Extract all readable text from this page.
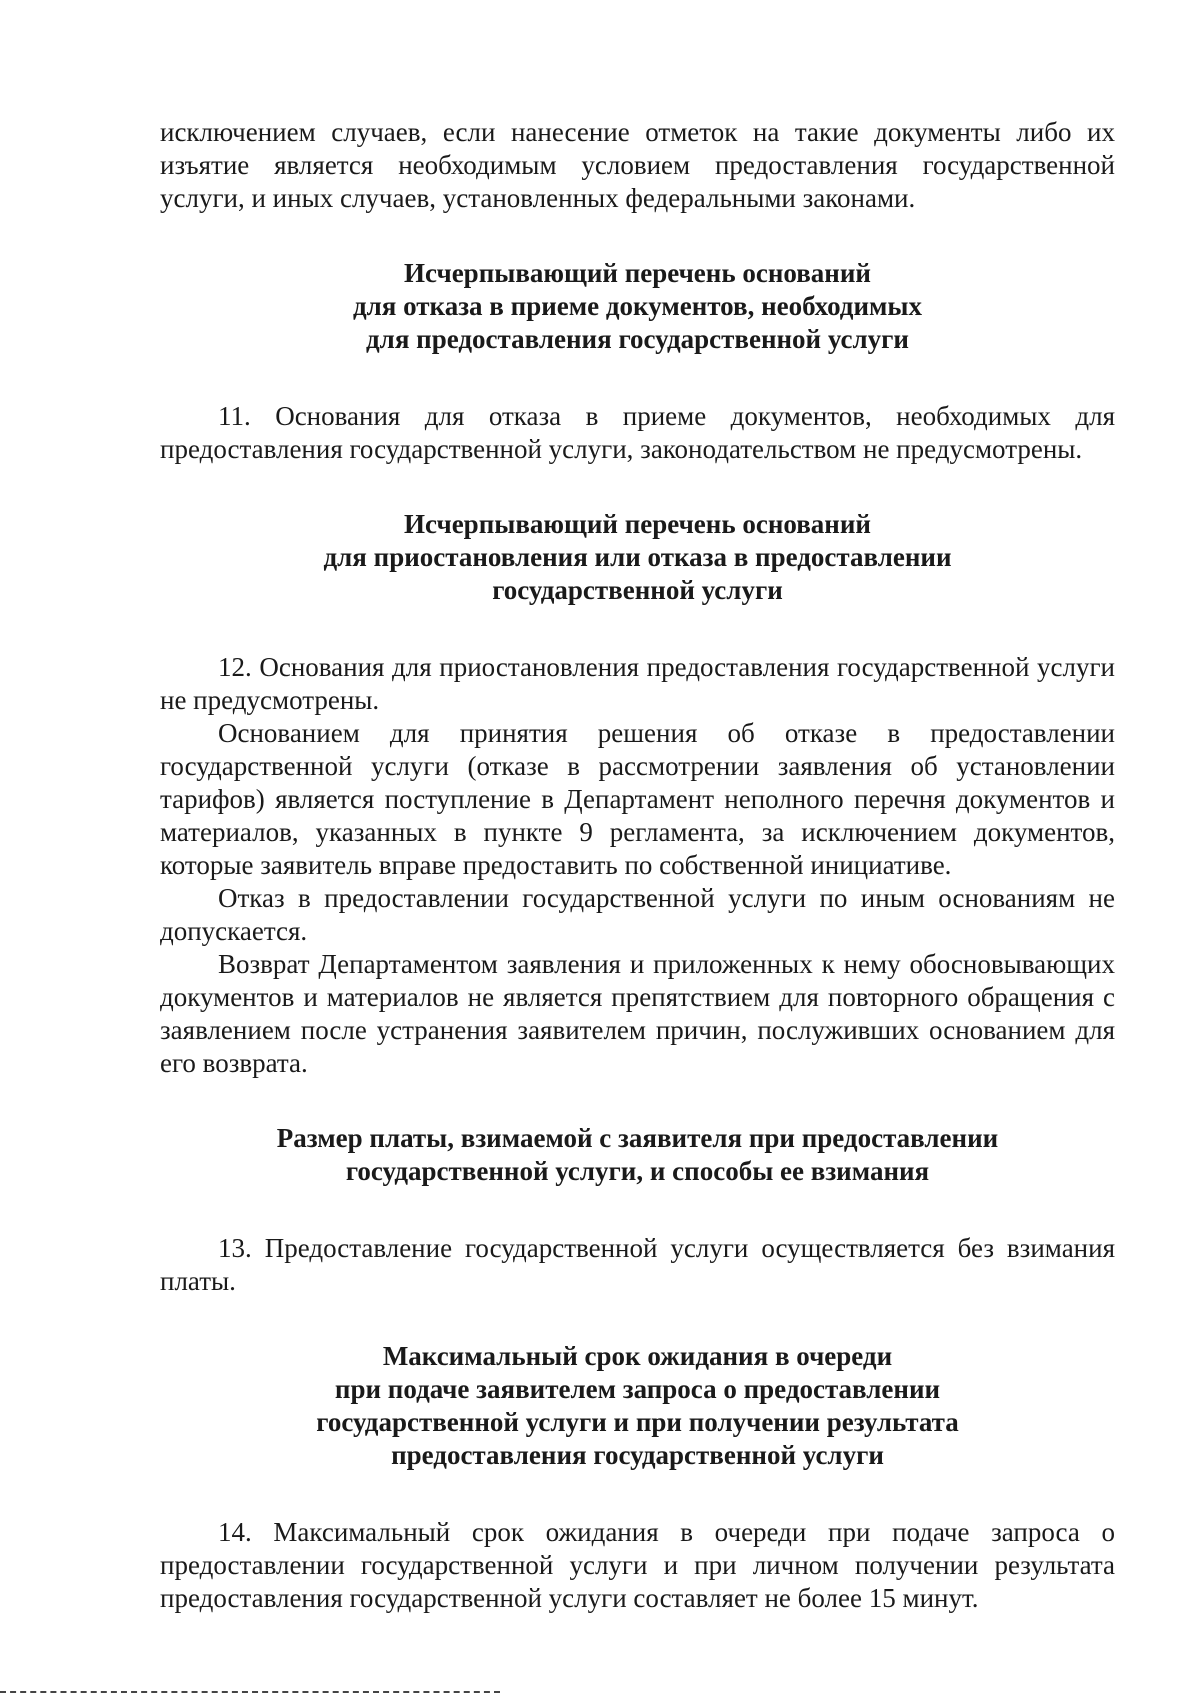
исключением случаев, если нанесение отметок на такие документы либо их изъятие является необходимым условием предоставления государственной услуги, и иных случаев, установленных федеральными законами.

Исчерпывающий перечень оснований
для отказа в приеме документов, необходимых
для предоставления государственной услуги

11. Основания для отказа в приеме документов, необходимых для предоставления государственной услуги, законодательством не предусмотрены.

Исчерпывающий перечень оснований
для приостановления или отказа в предоставлении
государственной услуги

12. Основания для приостановления предоставления государственной услуги не предусмотрены.

Основанием для принятия решения об отказе в предоставлении государственной услуги (отказе в рассмотрении заявления об установлении тарифов) является поступление в Департамент неполного перечня документов и материалов, указанных в пункте 9 регламента, за исключением документов, которые заявитель вправе предоставить по собственной инициативе.

Отказ в предоставлении государственной услуги по иным основаниям не допускается.

Возврат Департаментом заявления и приложенных к нему обосновывающих документов и материалов не является препятствием для повторного обращения с заявлением после устранения заявителем причин, послуживших основанием для его возврата.

Размер платы, взимаемой с заявителя при предоставлении
государственной услуги, и способы ее взимания

13. Предоставление государственной услуги осуществляется без взимания платы.

Максимальный срок ожидания в очереди
при подаче заявителем запроса о предоставлении
государственной услуги и при получении результата
предоставления государственной услуги

14. Максимальный срок ожидания в очереди при подаче запроса о предоставлении государственной услуги и при личном получении результата предоставления государственной услуги составляет не более 15 минут.
